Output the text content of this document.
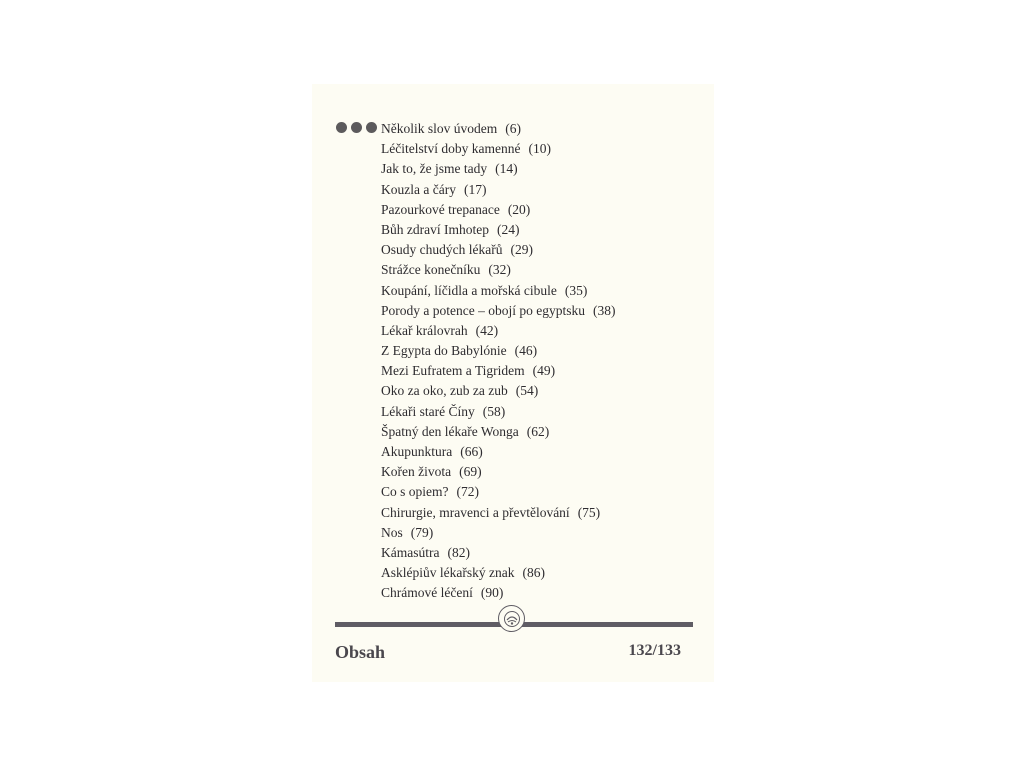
Několik slov úvodem (6)
Léčitelství doby kamenné (10)
Jak to, že jsme tady (14)
Kouzla a čáry (17)
Pazourkové trepanace (20)
Bůh zdraví Imhotep (24)
Osudy chudých lékařů (29)
Strážce konečníku (32)
Koupání, líčidla a mořská cibule (35)
Porody a potence – obojí po egyptsku (38)
Lékař královrah (42)
Z Egypta do Babylónie (46)
Mezi Eufratem a Tigridem (49)
Oko za oko, zub za zub (54)
Lékaři staré Číny (58)
Špatný den lékaře Wonga (62)
Akupunktura (66)
Kořen života (69)
Co s opiem? (72)
Chirurgie, mravenci a převtělování (75)
Nos (79)
Kámasútra (82)
Asklépiův lékařský znak (86)
Chrámové léčení (90)
Obsah	132/133
